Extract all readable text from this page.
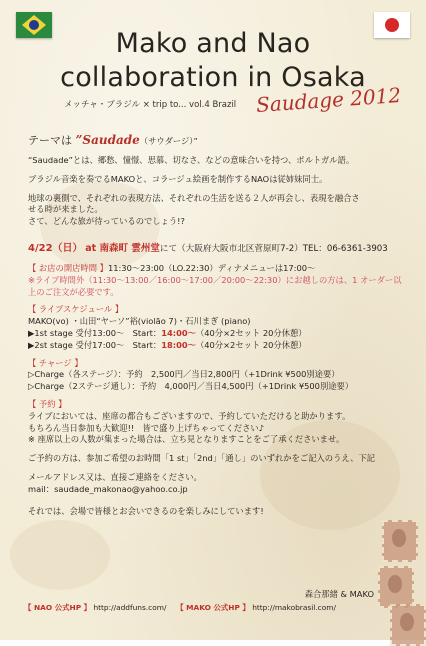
Mako and Nao
collaboration in Osaka
メッチャ・ブラジル × trip to... vol.4 Brazil Saudage 2012
テーマは ”Saudade（サウダージ）”

“Saudade”とは、郷愁、憧憬、思慕、切なさ、などの意味合いを持つ、ポルトガル語。

ブラジル音楽を奏でるMAKOと、コラージュ絵画を制作するNAOは従姉妹同士。

地球の裏側で、それぞれの表現方法、それぞれの生活を送る２人が再会し、表現を融合さ

せる時が来ました。

さて、どんな旅が待っているのでしょう!?

4/22（日） at 南森町 雲州堂にて（大阪府大阪市北区菅原町7-2）TEL：06-6361-3903

【 お店の開店時間 】11:30〜23:00（LO.22:30）ディナメニューは17:00〜

※ライブ時間外（11:30〜13:00／16:00〜17:00／20:00〜22:30）にお越しの方は、1 オーダー以

上のご注文が必要です。

【 ライブスケジュール 】

MAKO(vo) ・山田“ヤーソ”裕(violão 7)・石川まぎ (piano)

▶1st stage 受付13:00〜　Start：14:00〜（40分×2セット 20分休憩）

▶2st stage 受付17:00〜　Start：18:00〜（40分×2セット 20分休憩）

【 チャージ 】

▷Charge（各ステージ）：予約　2,500円／当日2,800円（+1Drink ¥500別途要）

▷Charge（2ステージ通し）：予約　4,000円／当日4,500円（+1Drink ¥500別途要）

【 予約 】

ライブにおいては、座席の都合もございますので、予約していただけると助かります。

もちろん当日参加も大歓迎!!　皆で盛り上げちゃってください♪

※ 座席以上の人数が集まった場合は、立ち見となりますことをご了承くださいませ。

ご予約の方は、参加ご希望のお時間「1 st」「2nd」「通し」のいずれかをご記入のうえ、下記

メールアドレス又は、直接ご連絡をください。

mail：saudade_makonao@yahoo.co.jp

それでは、会場で皆様とお会いできるのを楽しみにしています!

森合那緒 & MAKO
【 NAO 公式HP 】 http://addfuns.com/　 【 MAKO 公式HP 】 http://makobrasil.com/
